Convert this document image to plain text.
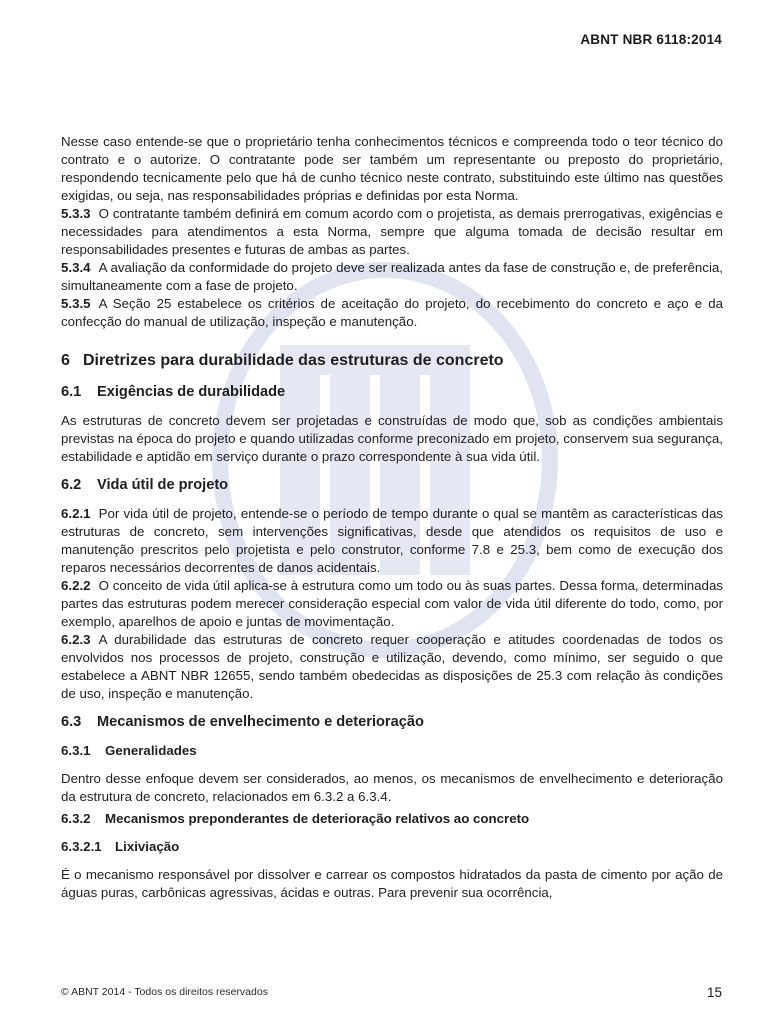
ABNT NBR 6118:2014

Nesse caso entende-se que o proprietário tenha conhecimentos técnicos e compreenda todo o teor técnico do contrato e o autorize. O contratante pode ser também um representante ou preposto do proprietário, respondendo tecnicamente pelo que há de cunho técnico neste contrato, substituindo este último nas questões exigidas, ou seja, nas responsabilidades próprias e definidas por esta Norma.

5.3.3 O contratante também definirá em comum acordo com o projetista, as demais prerrogativas, exigências e necessidades para atendimentos a esta Norma, sempre que alguma tomada de decisão resultar em responsabilidades presentes e futuras de ambas as partes.

5.3.4 A avaliação da conformidade do projeto deve ser realizada antes da fase de construção e, de preferência, simultaneamente com a fase de projeto.

5.3.5 A Seção 25 estabelece os critérios de aceitação do projeto, do recebimento do concreto e aço e da confecção do manual de utilização, inspeção e manutenção.

6 Diretrizes para durabilidade das estruturas de concreto
6.1 Exigências de durabilidade

As estruturas de concreto devem ser projetadas e construídas de modo que, sob as condições ambientais previstas na época do projeto e quando utilizadas conforme preconizado em projeto, conservem sua segurança, estabilidade e aptidão em serviço durante o prazo correspondente à sua vida útil.

6.2 Vida útil de projeto

6.2.1 Por vida útil de projeto, entende-se o período de tempo durante o qual se mantêm as características das estruturas de concreto, sem intervenções significativas, desde que atendidos os requisitos de uso e manutenção prescritos pelo projetista e pelo construtor, conforme 7.8 e 25.3, bem como de execução dos reparos necessários decorrentes de danos acidentais.

6.2.2 O conceito de vida útil aplica-se à estrutura como um todo ou às suas partes. Dessa forma, determinadas partes das estruturas podem merecer consideração especial com valor de vida útil diferente do todo, como, por exemplo, aparelhos de apoio e juntas de movimentação.

6.2.3 A durabilidade das estruturas de concreto requer cooperação e atitudes coordenadas de todos os envolvidos nos processos de projeto, construção e utilização, devendo, como mínimo, ser seguido o que estabelece a ABNT NBR 12655, sendo também obedecidas as disposições de 25.3 com relação às condições de uso, inspeção e manutenção.

6.3 Mecanismos de envelhecimento e deterioração
6.3.1 Generalidades

Dentro desse enfoque devem ser considerados, ao menos, os mecanismos de envelhecimento e deterioração da estrutura de concreto, relacionados em 6.3.2 a 6.3.4.

6.3.2 Mecanismos preponderantes de deterioração relativos ao concreto
6.3.2.1 Lixiviação

É o mecanismo responsável por dissolver e carrear os compostos hidratados da pasta de cimento por ação de águas puras, carbônicas agressivas, ácidas e outras. Para prevenir sua ocorrência,

© ABNT 2014 - Todos os direitos reservados	15
